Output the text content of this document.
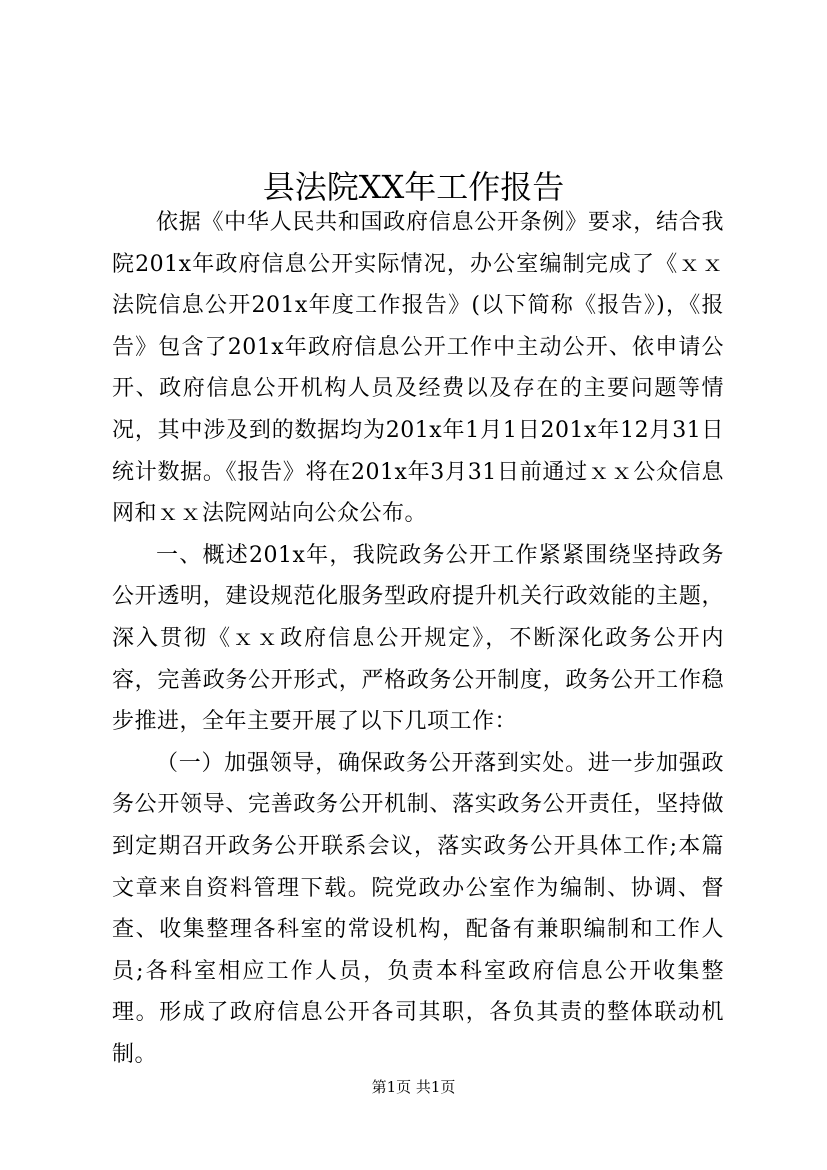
县法院XX年工作报告

依据《中华人民共和国政府信息公开条例》要求，结合我院201x年政府信息公开实际情况，办公室编制完成了《ｘｘ法院信息公开201x年度工作报告》(以下简称《报告》)，《报告》包含了201x年政府信息公开工作中主动公开、依申请公开、政府信息公开机构人员及经费以及存在的主要问题等情况，其中涉及到的数据均为201x年1月1日201x年12月31日统计数据。《报告》将在201x年3月31日前通过ｘｘ公众信息网和ｘｘ法院网站向公众公布。

一、概述201x年，我院政务公开工作紧紧围绕坚持政务公开透明，建设规范化服务型政府提升机关行政效能的主题，深入贯彻《ｘｘ政府信息公开规定》，不断深化政务公开内容，完善政务公开形式，严格政务公开制度，政务公开工作稳步推进，全年主要开展了以下几项工作：

（一）加强领导，确保政务公开落到实处。进一步加强政务公开领导、完善政务公开机制、落实政务公开责任，坚持做到定期召开政务公开联系会议，落实政务公开具体工作;本篇文章来自资料管理下载。院党政办公室作为编制、协调、督查、收集整理各科室的常设机构，配备有兼职编制和工作人员;各科室相应工作人员，负责本科室政府信息公开收集整理。形成了政府信息公开各司其职，各负其责的整体联动机制。

第1页 共1页
